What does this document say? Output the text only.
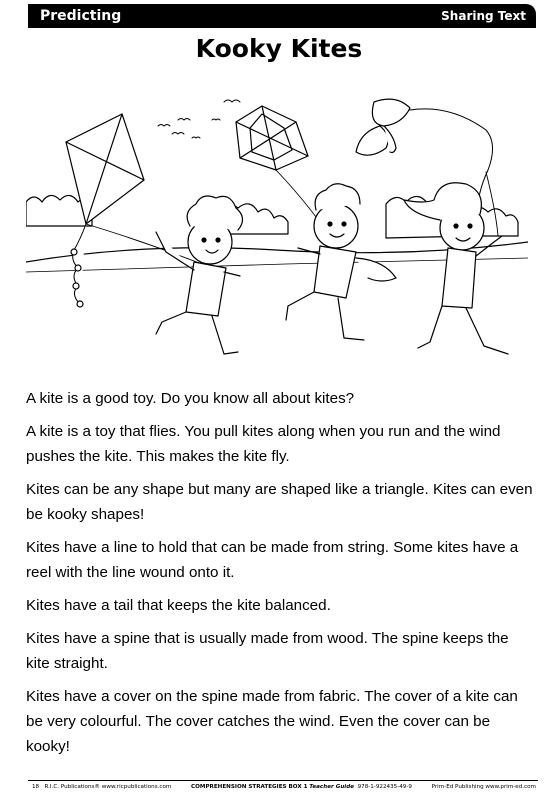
Predicting	Sharing Text
Kooky Kites

A kite is a good toy. Do you know all about kites?

A kite is a toy that flies. You pull kites along when you run and the wind pushes the kite. This makes the kite fly.

Kites can be any shape but many are shaped like a triangle. Kites can even be kooky shapes!

Kites have a line to hold that can be made from string. Some kites have a reel with the line wound onto it.

Kites have a tail that keeps the kite balanced.

Kites have a spine that is usually made from wood. The spine keeps the kite straight.

Kites have a cover on the spine made from fabric. The cover of a kite can be very colourful. The cover catches the wind. Even the cover can be kooky!

18 R.I.C. Publications® www.ricpublications.com	COMPREHENSION STRATEGIES BOX 1 Teacher Guide 978-1-922435-49-9	Prim-Ed Publishing www.prim-ed.com
